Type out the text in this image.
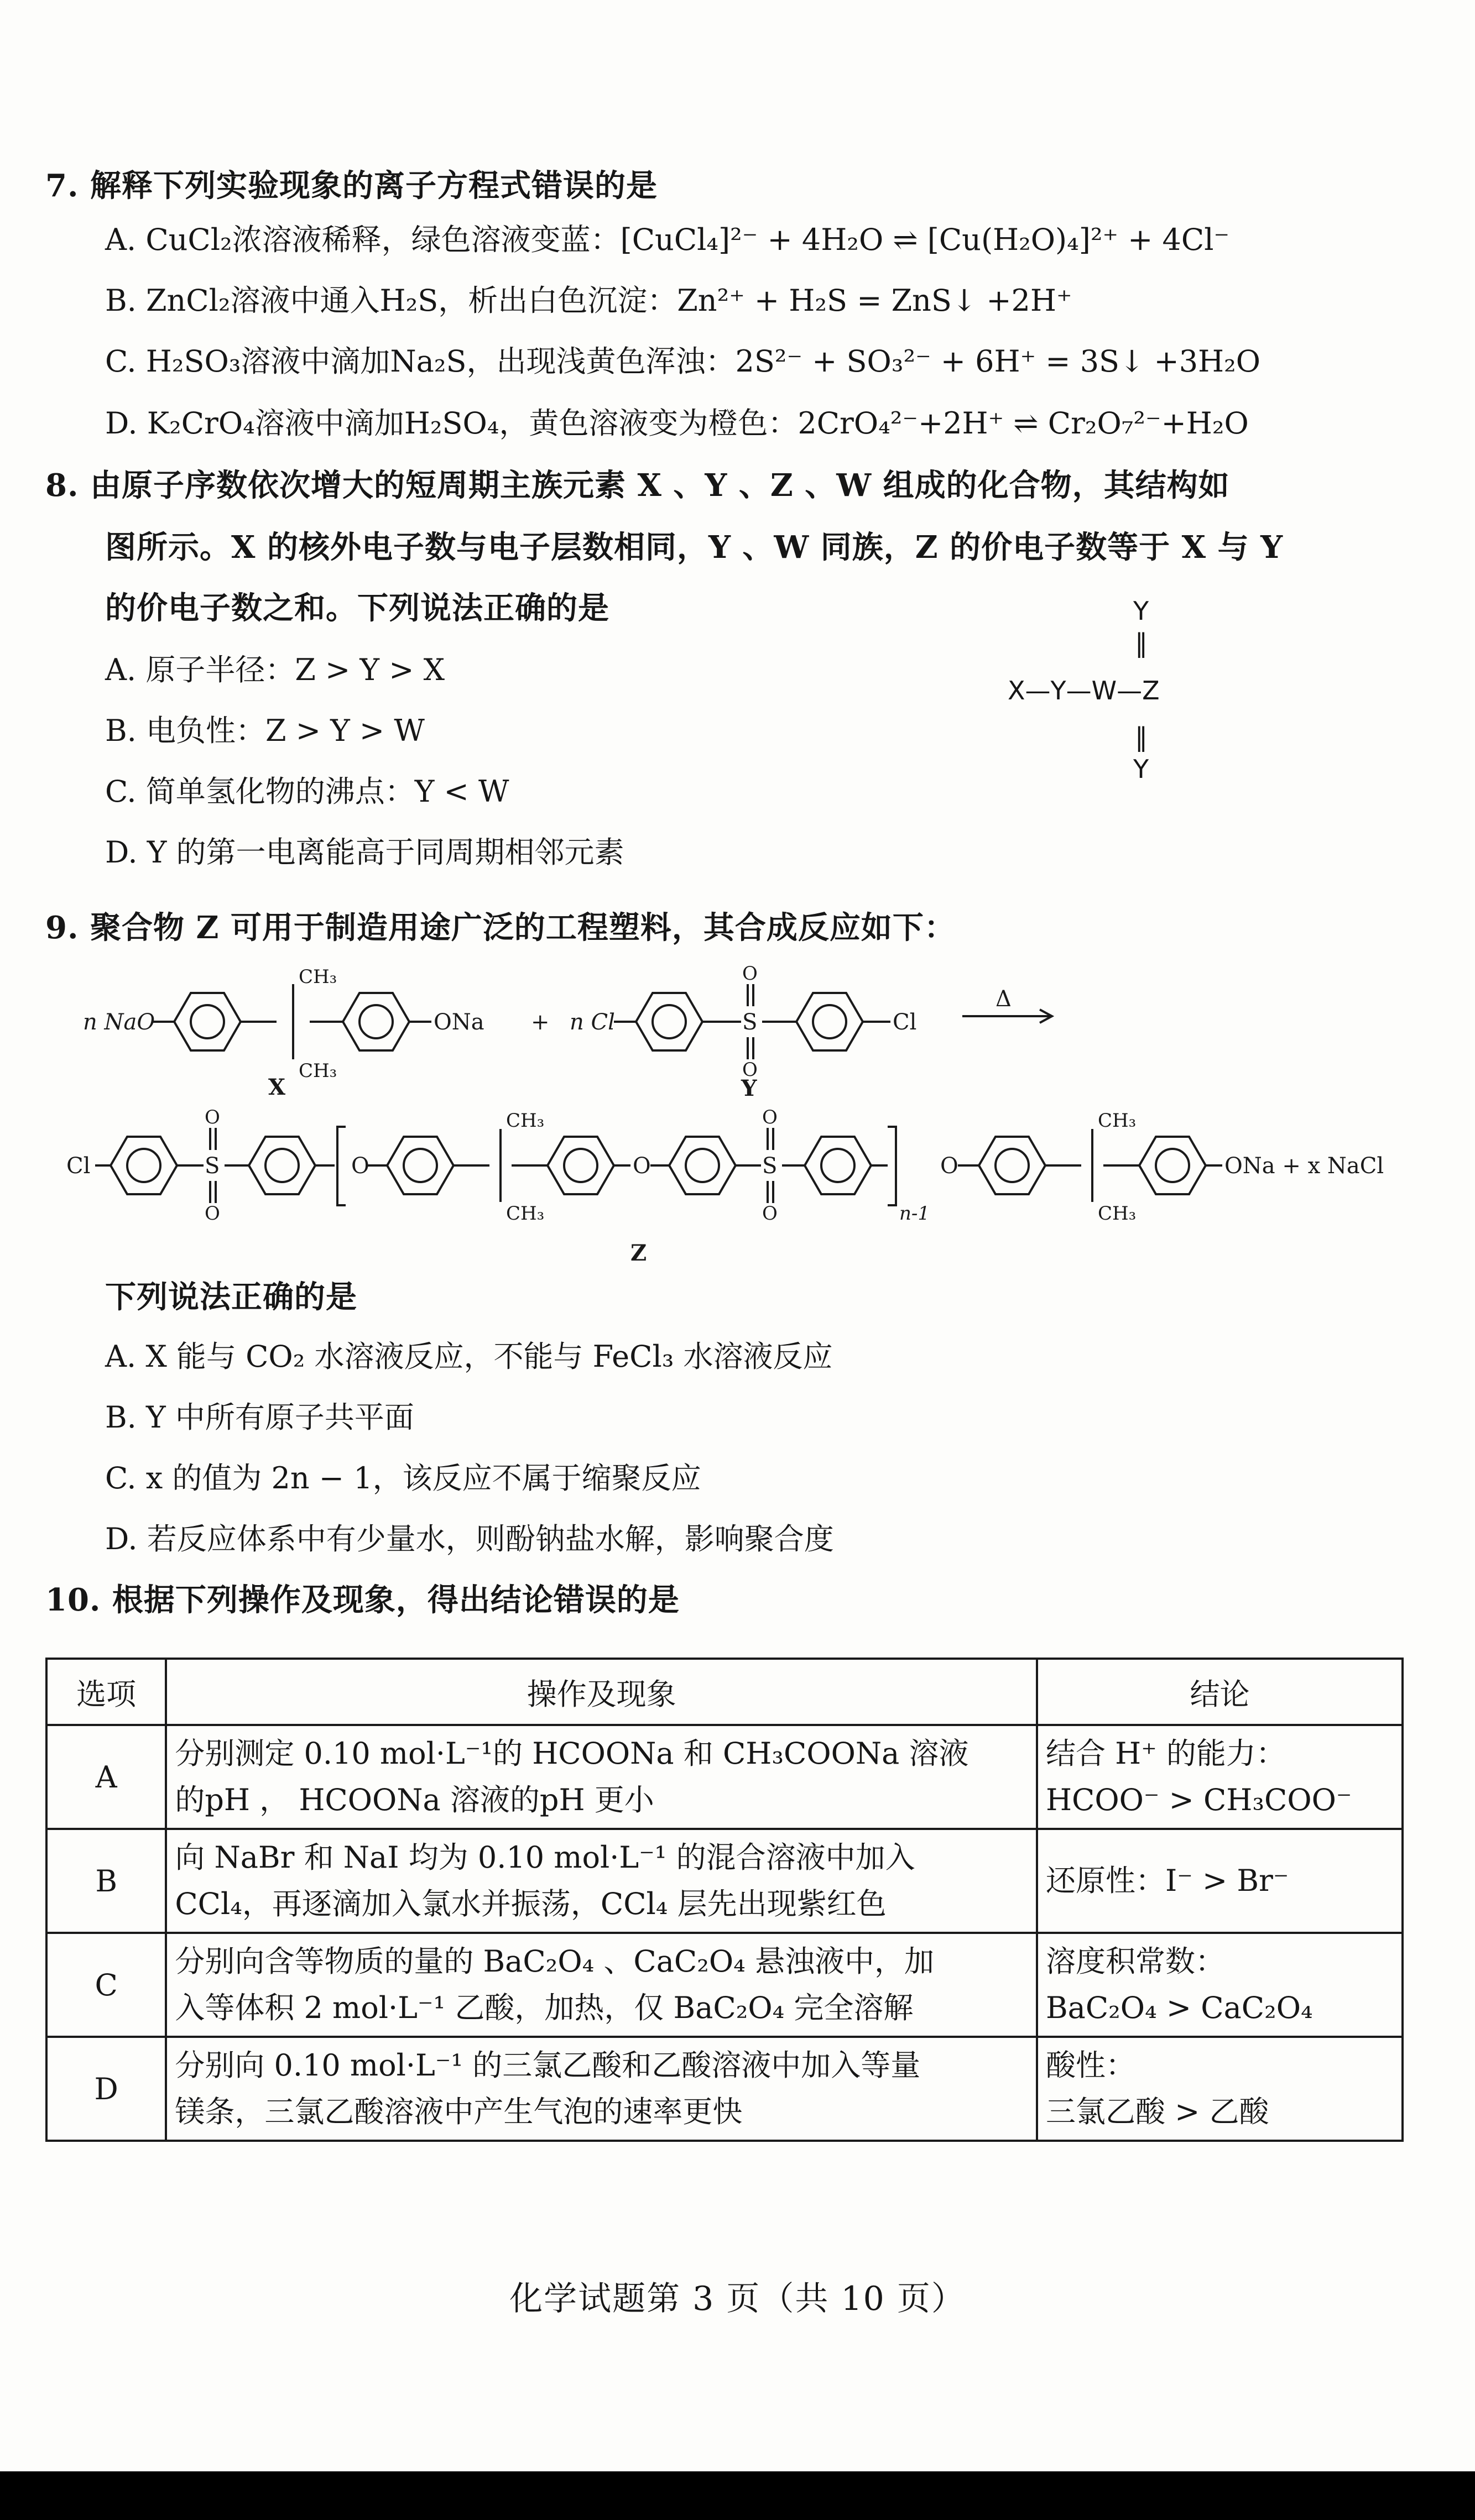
7. 解释下列实验现象的离子方程式错误的是
A. CuCl₂浓溶液稀释，绿色溶液变蓝：[CuCl₄]²⁻ + 4H₂O ⇌ [Cu(H₂O)₄]²⁺ + 4Cl⁻
B. ZnCl₂溶液中通入H₂S，析出白色沉淀：Zn²⁺ + H₂S = ZnS↓ +2H⁺
C. H₂SO₃溶液中滴加Na₂S，出现浅黄色浑浊：2S²⁻ + SO₃²⁻ + 6H⁺ = 3S↓ +3H₂O
D. K₂CrO₄溶液中滴加H₂SO₄，黄色溶液变为橙色：2CrO₄²⁻+2H⁺ ⇌ Cr₂O₇²⁻+H₂O
8. 由原子序数依次增大的短周期主族元素 X 、Y 、Z 、W 组成的化合物，其结构如
图所示。X 的核外电子数与电子层数相同，Y 、W 同族，Z 的价电子数等于 X 与 Y
的价电子数之和。下列说法正确的是
A. 原子半径：Z > Y > X
B. 电负性：Z > Y > W
C. 简单氢化物的沸点：Y < W
D. Y 的第一电离能高于同周期相邻元素
Y
‖
X—Y—W—Z
‖
Y
9. 聚合物 Z 可用于制造用途广泛的工程塑料，其合成反应如下：
n NaO
CH₃
CH₃
ONa
X
+ n Cl	S
O
O
Cl
Y
Δ
Cl	S
O
O
O
CH₃
CH₃
O	S
O
O	n-1
O
CH₃
CH₃
ONa + x NaCl
Z
下列说法正确的是
A. X 能与 CO₂ 水溶液反应，不能与 FeCl₃ 水溶液反应
B. Y 中所有原子共平面
C. x 的值为 2n − 1，该反应不属于缩聚反应
D. 若反应体系中有少量水，则酚钠盐水解，影响聚合度
10. 根据下列操作及现象，得出结论错误的是
选项	操作及现象	结论
A	分别测定 0.10 mol·L⁻¹的 HCOONa 和 CH₃COONa 溶液
的pH ， HCOONa 溶液的pH 更小	结合 H⁺ 的能力：
HCOO⁻ > CH₃COO⁻

B	向 NaBr 和 NaI 均为 0.10 mol·L⁻¹ 的混合溶液中加入
CCl₄，再逐滴加入氯水并振荡，CCl₄ 层先出现紫红色	还原性：I⁻ > Br⁻

C	分别向含等物质的量的 BaC₂O₄ 、CaC₂O₄ 悬浊液中，加
入等体积 2 mol·L⁻¹ 乙酸，加热，仅 BaC₂O₄ 完全溶解	溶度积常数：
BaC₂O₄ > CaC₂O₄

D	分别向 0.10 mol·L⁻¹ 的三氯乙酸和乙酸溶液中加入等量
镁条，三氯乙酸溶液中产生气泡的速率更快	酸性：
三氯乙酸 > 乙酸
化学试题第 3 页（共 10 页）
